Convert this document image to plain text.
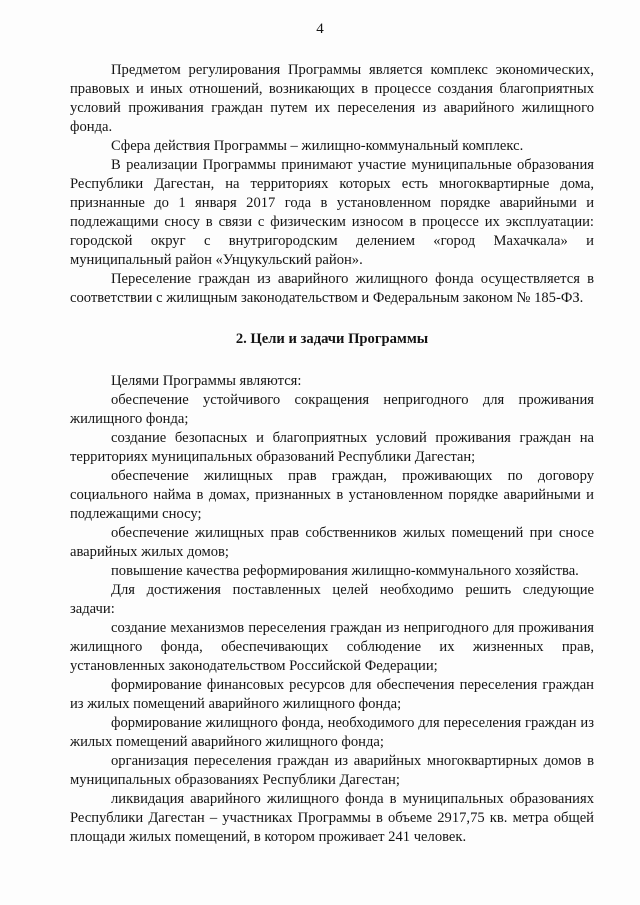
4

Предметом регулирования Программы является комплекс экономических, правовых и иных отношений, возникающих в процессе создания благоприятных условий проживания граждан путем их переселения из аварийного жилищного фонда.

Сфера действия Программы – жилищно-коммунальный комплекс.

В реализации Программы принимают участие муниципальные образования Республики Дагестан, на территориях которых есть многоквартирные дома, признанные до 1 января 2017 года в установленном порядке аварийными и подлежащими сносу в связи с физическим износом в процессе их эксплуатации: городской округ с внутригородским делением «город Махачкала» и муниципальный район «Унцукульский район».

Переселение граждан из аварийного жилищного фонда осуществляется в соответствии с жилищным законодательством и Федеральным законом № 185-ФЗ.

2. Цели и задачи Программы

Целями Программы являются:

обеспечение устойчивого сокращения непригодного для проживания жилищного фонда;

создание безопасных и благоприятных условий проживания граждан на территориях муниципальных образований Республики Дагестан;

обеспечение жилищных прав граждан, проживающих по договору социального найма в домах, признанных в установленном порядке аварийными и подлежащими сносу;

обеспечение жилищных прав собственников жилых помещений при сносе аварийных жилых домов;

повышение качества реформирования жилищно-коммунального хозяйства.

Для достижения поставленных целей необходимо решить следующие задачи:

создание механизмов переселения граждан из непригодного для проживания жилищного фонда, обеспечивающих соблюдение их жизненных прав, установленных законодательством Российской Федерации;

формирование финансовых ресурсов для обеспечения переселения граждан из жилых помещений аварийного жилищного фонда;

формирование жилищного фонда, необходимого для переселения граждан из жилых помещений аварийного жилищного фонда;

организация переселения граждан из аварийных многоквартирных домов в муниципальных образованиях Республики Дагестан;

ликвидация аварийного жилищного фонда в муниципальных образованиях Республики Дагестан – участниках Программы в объеме 2917,75 кв. метра общей площади жилых помещений, в котором проживает 241 человек.
